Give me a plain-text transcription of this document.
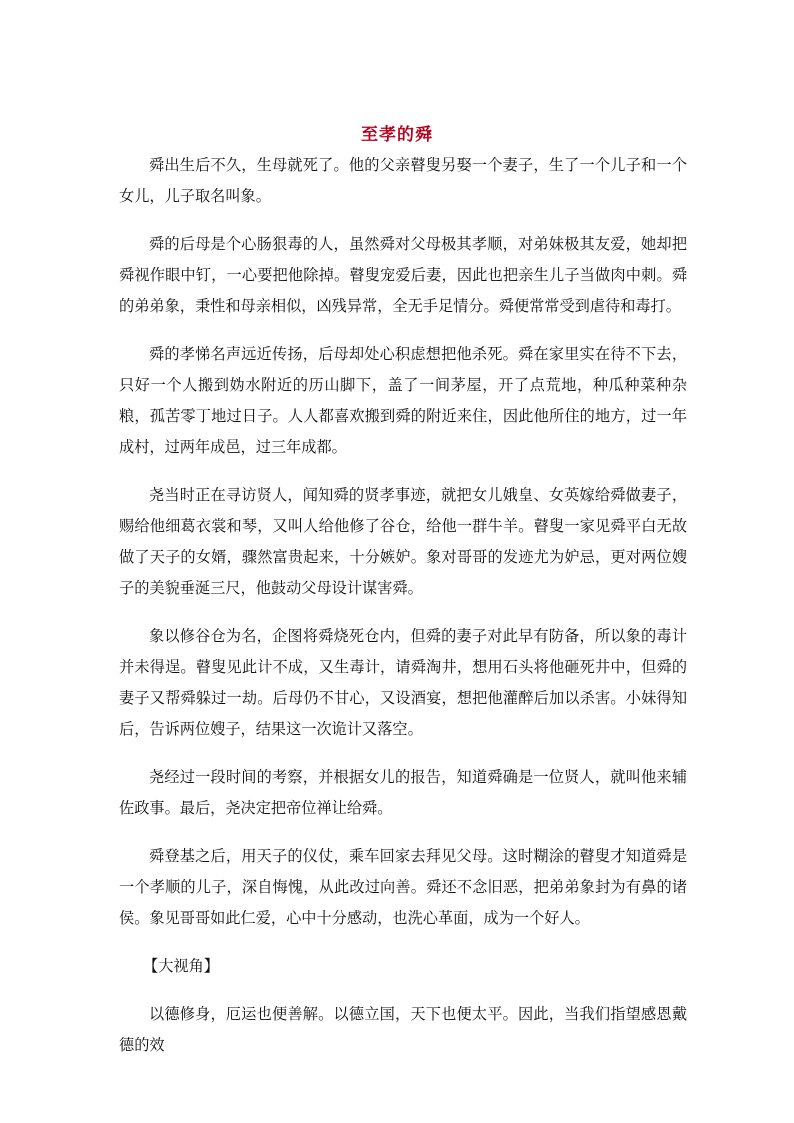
至孝的舜

舜出生后不久，生母就死了。他的父亲瞽叟另娶一个妻子，生了一个儿子和一个女儿，儿子取名叫象。

舜的后母是个心肠狠毒的人，虽然舜对父母极其孝顺，对弟妹极其友爱，她却把舜视作眼中钉，一心要把他除掉。瞽叟宠爱后妻，因此也把亲生儿子当做肉中刺。舜的弟弟象，秉性和母亲相似，凶残异常，全无手足情分。舜便常常受到虐待和毒打。

舜的孝悌名声远近传扬，后母却处心积虑想把他杀死。舜在家里实在待不下去，只好一个人搬到妫水附近的历山脚下，盖了一间茅屋，开了点荒地，种瓜种菜种杂粮，孤苦零丁地过日子。人人都喜欢搬到舜的附近来住，因此他所住的地方，过一年成村，过两年成邑，过三年成都。

尧当时正在寻访贤人，闻知舜的贤孝事迹，就把女儿娥皇、女英嫁给舜做妻子，赐给他细葛衣裳和琴，又叫人给他修了谷仓，给他一群牛羊。瞽叟一家见舜平白无故做了天子的女婿，骤然富贵起来，十分嫉妒。象对哥哥的发迹尤为妒忌，更对两位嫂子的美貌垂涎三尺，他鼓动父母设计谋害舜。

象以修谷仓为名，企图将舜烧死仓内，但舜的妻子对此早有防备，所以象的毒计并未得逞。瞽叟见此计不成，又生毒计，请舜淘井，想用石头将他砸死井中，但舜的妻子又帮舜躲过一劫。后母仍不甘心，又设酒宴，想把他灌醉后加以杀害。小妹得知后，告诉两位嫂子，结果这一次诡计又落空。

尧经过一段时间的考察，并根据女儿的报告，知道舜确是一位贤人，就叫他来辅佐政事。最后，尧决定把帝位禅让给舜。

舜登基之后，用天子的仪仗，乘车回家去拜见父母。这时糊涂的瞽叟才知道舜是一个孝顺的儿子，深自悔愧，从此改过向善。舜还不念旧恶，把弟弟象封为有鼻的诸侯。象见哥哥如此仁爱，心中十分感动，也洗心革面，成为一个好人。

【大视角】

以德修身，厄运也便善解。以德立国，天下也便太平。因此，当我们指望感恩戴德的效
